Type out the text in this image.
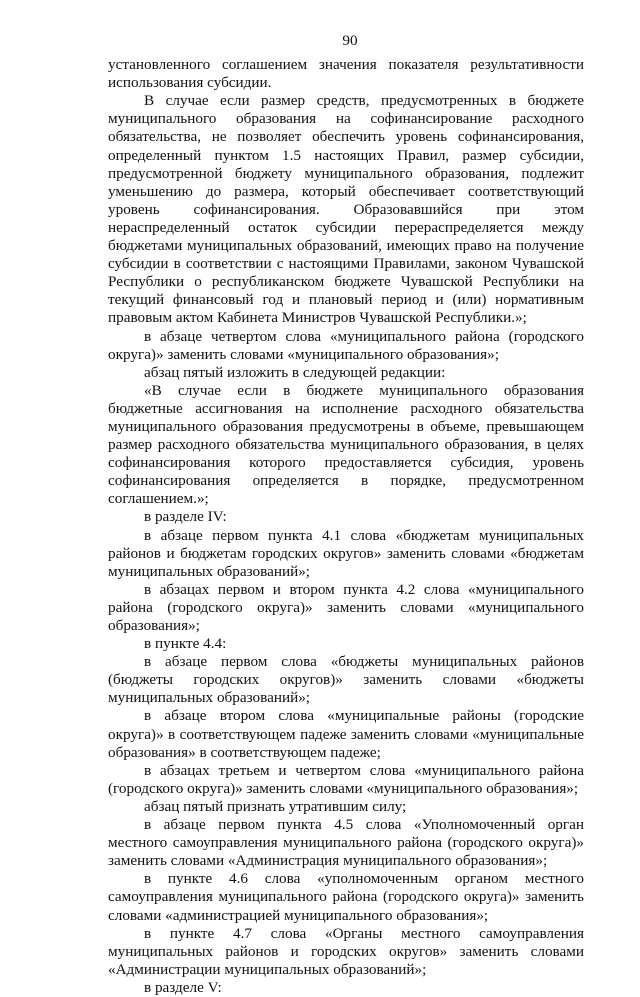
90

установленного соглашением значения показателя результативности использования субсидии.

В случае если размер средств, предусмотренных в бюджете муниципального образования на софинансирование расходного обязательства, не позволяет обеспечить уровень софинансирования, определенный пунктом 1.5 настоящих Правил, размер субсидии, предусмотренной бюджету муниципального образования, подлежит уменьшению до размера, который обеспечивает соответствующий уровень софинансирования. Образовавшийся при этом нераспределенный остаток субсидии перераспределяется между бюджетами муниципальных образований, имеющих право на получение субсидии в соответствии с настоящими Правилами, законом Чувашской Республики о республиканском бюджете Чувашской Республики на текущий финансовый год и плановый период и (или) нормативным правовым актом Кабинета Министров Чувашской Республики.»;

в абзаце четвертом слова «муниципального района (городского округа)» заменить словами «муниципального образования»;

абзац пятый изложить в следующей редакции:

«В случае если в бюджете муниципального образования бюджетные ассигнования на исполнение расходного обязательства муниципального образования предусмотрены в объеме, превышающем размер расходного обязательства муниципального образования, в целях софинансирования которого предоставляется субсидия, уровень софинансирования определяется в порядке, предусмотренном соглашением.»;

в разделе IV:

в абзаце первом пункта 4.1 слова «бюджетам муниципальных районов и бюджетам городских округов» заменить словами «бюджетам муниципальных образований»;

в абзацах первом и втором пункта 4.2 слова «муниципального района (городского округа)» заменить словами «муниципального образования»;

в пункте 4.4:

в абзаце первом слова «бюджеты муниципальных районов (бюджеты городских округов)» заменить словами «бюджеты муниципальных образований»;

в абзаце втором слова «муниципальные районы (городские округа)» в соответствующем падеже заменить словами «муниципальные образования» в соответствующем падеже;

в абзацах третьем и четвертом слова «муниципального района (городского округа)» заменить словами «муниципального образования»;

абзац пятый признать утратившим силу;

в абзаце первом пункта 4.5 слова «Уполномоченный орган местного самоуправления муниципального района (городского округа)» заменить словами «Администрация муниципального образования»;

в пункте 4.6 слова «уполномоченным органом местного самоуправления муниципального района (городского округа)» заменить словами «администрацией муниципального образования»;

в пункте 4.7 слова «Органы местного самоуправления муниципальных районов и городских округов» заменить словами «Администрации муниципальных образований»;

в разделе V:
